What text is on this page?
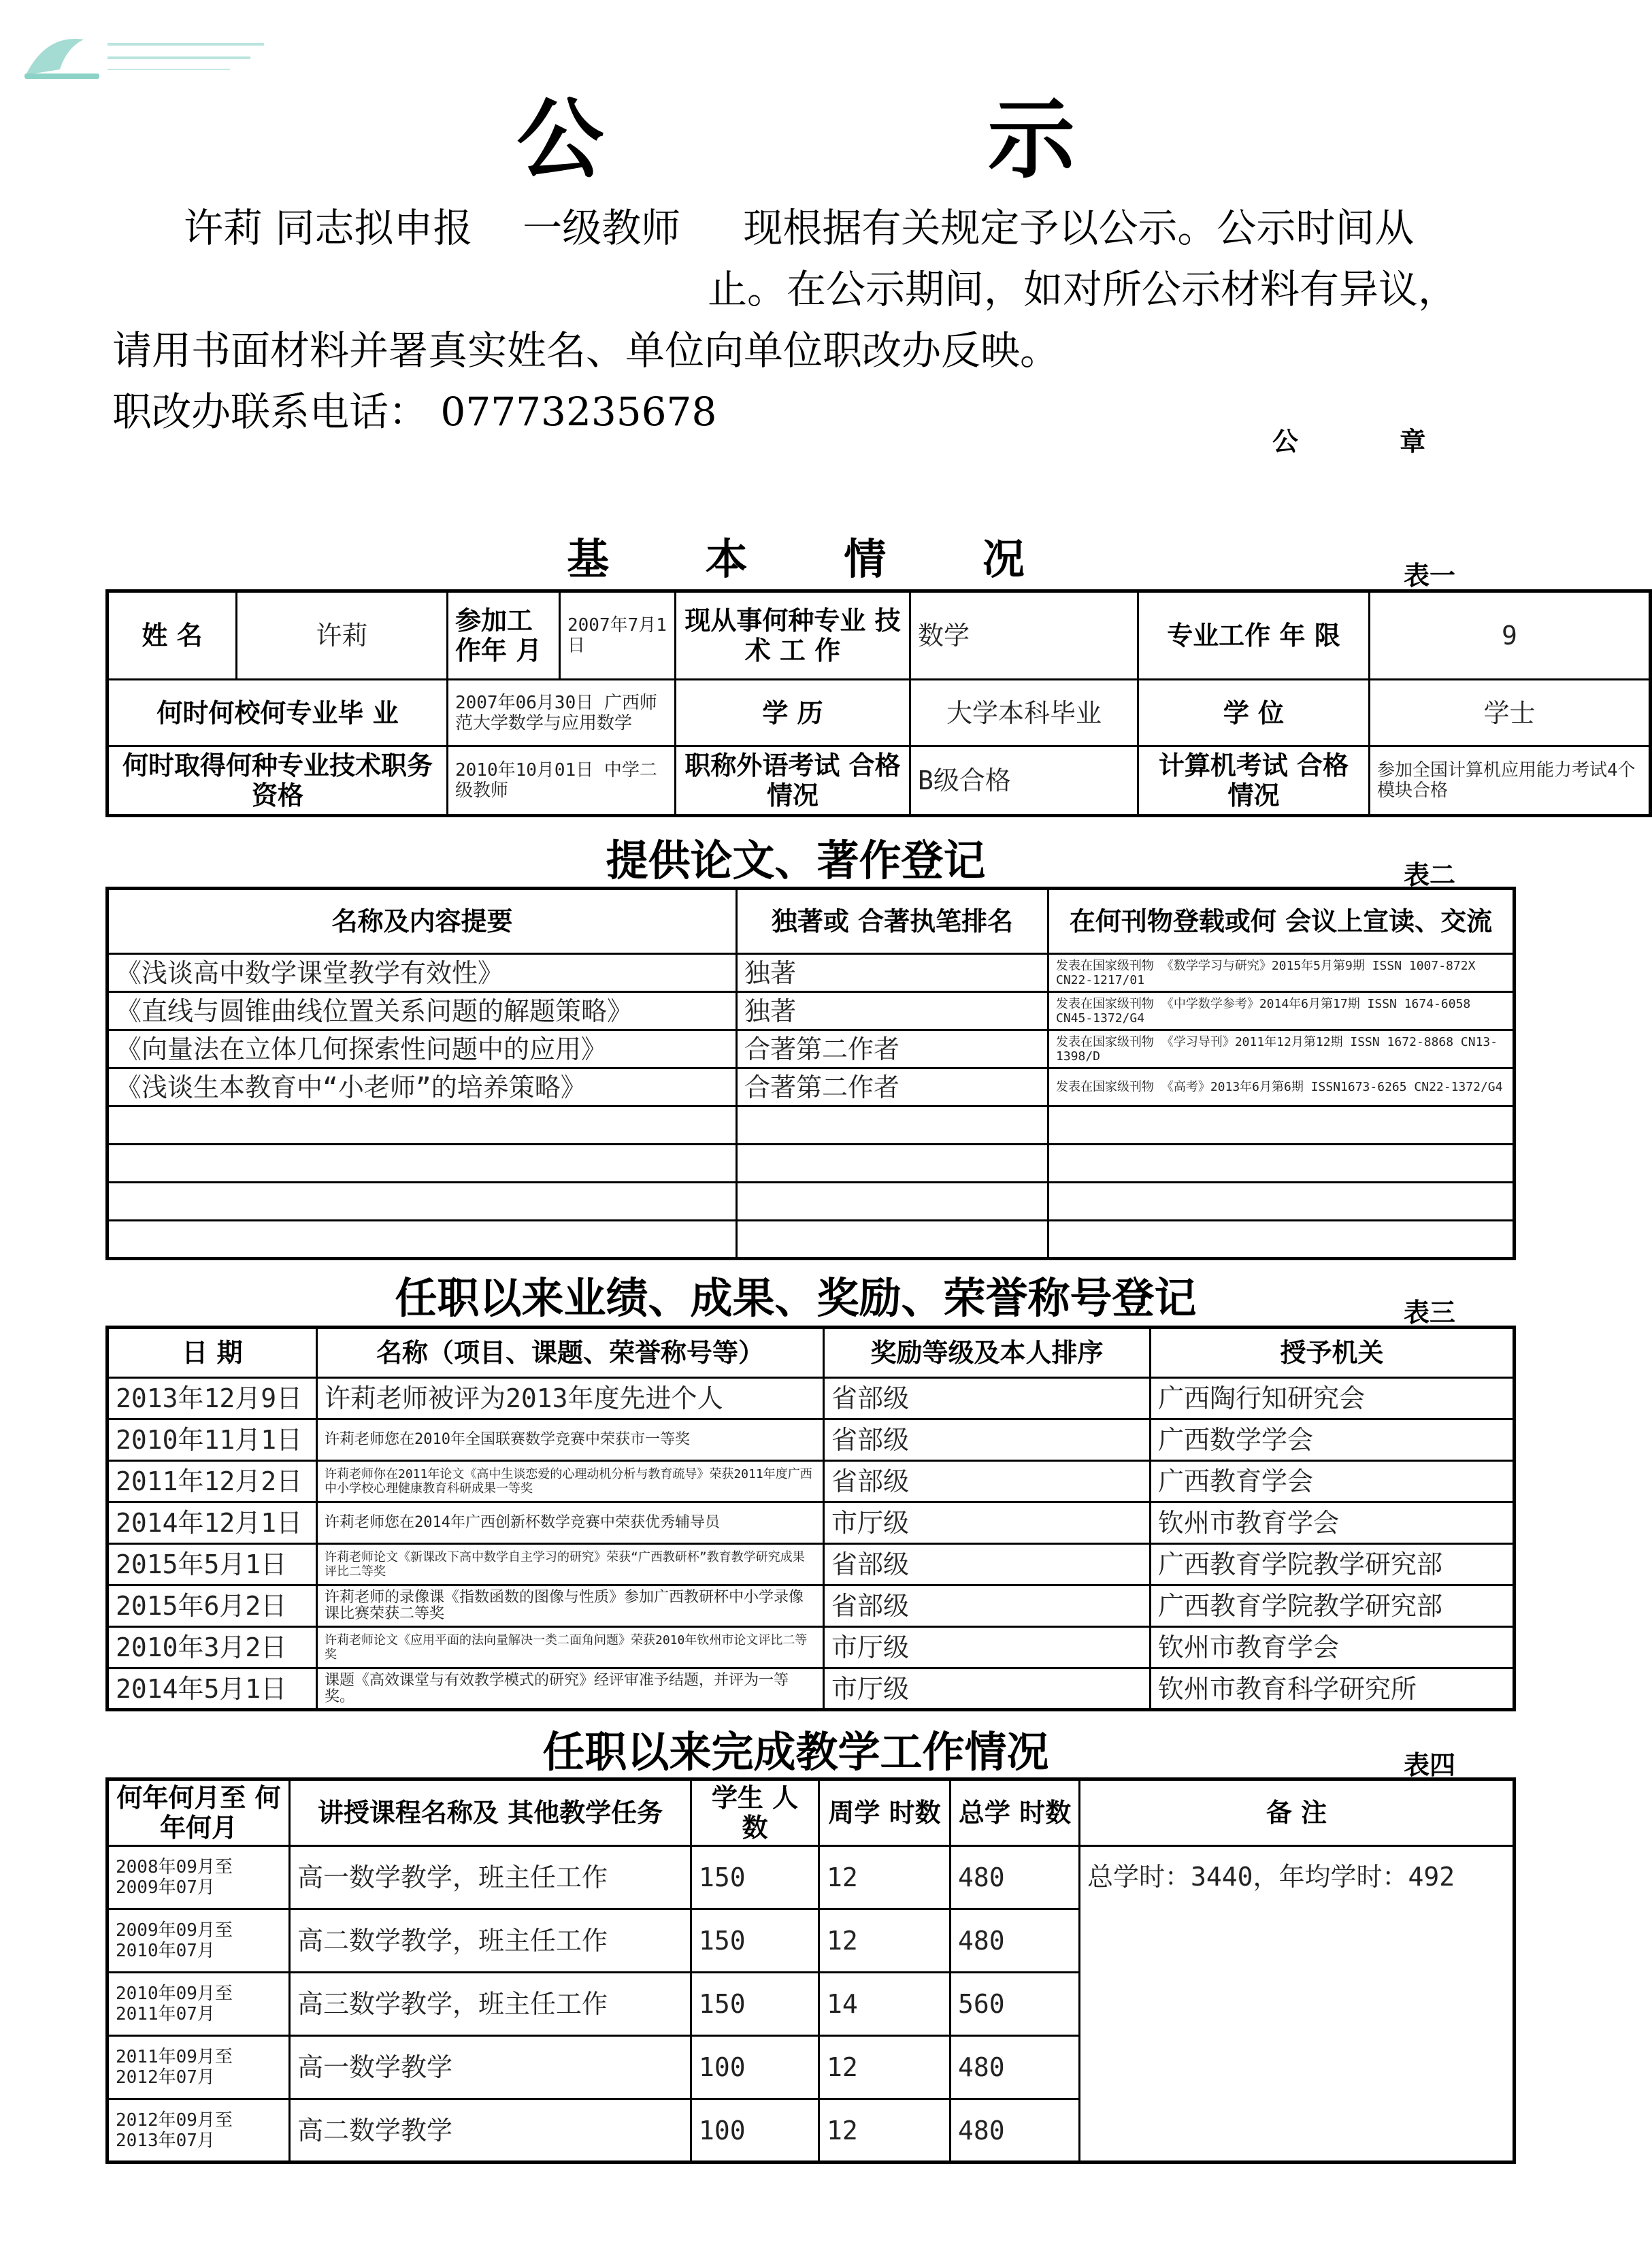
公 示
许莉 同志拟申报    一级教师     现根据有关规定予以公示。公示时间从
止。在公示期间，如对所公示材料有异议，
请用书面材料并署真实姓名、单位向单位职改办反映。
职改办联系电话： 07773235678
公 章
基 本 情 况	表一
姓 名	许莉	参加工作年 月	2007年7月1日	现从事何种专业 技 术 工 作	数学	专业工作 年 限	9
何时何校何专业毕 业		2007年06月30日 广西师范大学数学与应用数学		学 历	大学本科毕业	学 位	学士
何时取得何种专业技术职务资格		2010年10月01日 中学二级教师		职称外语考试 合格情况	B级合格	计算机考试 合格情况	参加全国计算机应用能力考试4个模块合格
提供论文、著作登记	表二
名称及内容提要	独著或 合著执笔排名	在何刊物登载或何 会议上宣读、交流
《浅谈高中数学课堂教学有效性》	独著	发表在国家级刊物 《数学学习与研究》2015年5月第9期 ISSN 1007-872X CN22-1217/01
《直线与圆锥曲线位置关系问题的解题策略》	独著	发表在国家级刊物 《中学数学参考》2014年6月第17期 ISSN 1674-6058 CN45-1372/G4
《向量法在立体几何探索性问题中的应用》	合著第二作者	发表在国家级刊物 《学习导刊》2011年12月第12期 ISSN 1672-8868 CN13-1398/D
《浅谈生本教育中“小老师”的培养策略》	合著第二作者	发表在国家级刊物 《高考》2013年6月第6期 ISSN1673-6265 CN22-1372/G4

任职以来业绩、成果、奖励、荣誉称号登记	表三
日 期	名称（项目、课题、荣誉称号等）	奖励等级及本人排序	授予机关
2013年12月9日	许莉老师被评为2013年度先进个人	省部级	广西陶行知研究会
2010年11月1日	许莉老师您在2010年全国联赛数学竞赛中荣获市一等奖	省部级	广西数学学会
2011年12月2日	许莉老师你在2011年论文《高中生谈恋爱的心理动机分析与教育疏导》荣获2011年度广西中小学校心理健康教育科研成果一等奖	省部级	广西教育学会
2014年12月1日	许莉老师您在2014年广西创新杯数学竞赛中荣获优秀辅导员	市厅级	钦州市教育学会
2015年5月1日	许莉老师论文《新课改下高中数学自主学习的研究》荣获“广西教研杯”教育教学研究成果评比二等奖	省部级	广西教育学院教学研究部
2015年6月2日	许莉老师的录像课《指数函数的图像与性质》参加广西教研杯中小学录像课比赛荣获二等奖	省部级	广西教育学院教学研究部
2010年3月2日	许莉老师论文《应用平面的法向量解决一类二面角问题》荣获2010年钦州市论文评比二等奖	市厅级	钦州市教育学会
2014年5月1日	课题《高效课堂与有效教学模式的研究》经评审准予结题，并评为一等奖。	市厅级	钦州市教育科学研究所
任职以来完成教学工作情况	表四
何年何月至 何年何月	讲授课程名称及 其他教学任务	学生 人数	周学 时数	总学 时数	备 注
2008年09月至 2009年07月	高一数学教学，班主任工作	150	12	480	总学时：3440，年均学时：492
2009年09月至 2010年07月	高二数学教学，班主任工作	150	12	480	
2010年09月至 2011年07月	高三数学教学，班主任工作	150	14	560	
2011年09月至 2012年07月	高一数学教学	100	12	480	
2012年09月至 2013年07月	高二数学教学	100	12	480	
